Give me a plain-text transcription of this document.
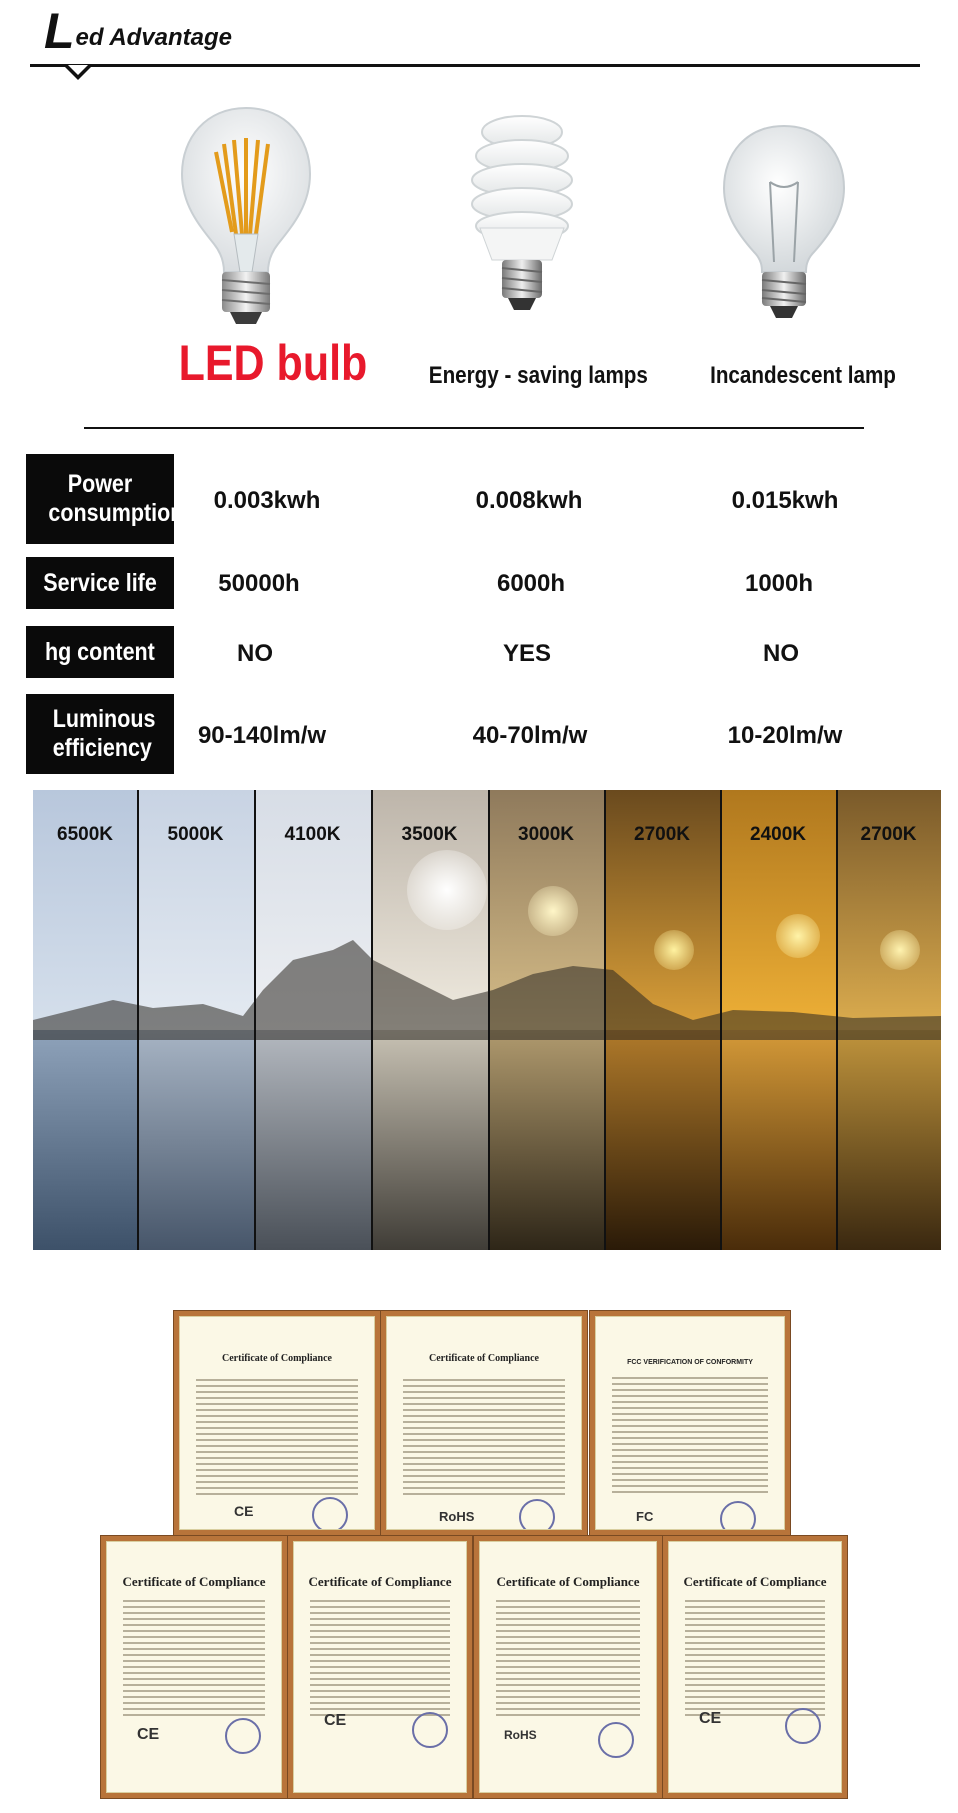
L ed Advantage
LED bulb	Energy - saving lamps	Incandescent lamp
Power consumption	0.003kwh	0.008kwh	0.015kwh
Service life	50000h	6000h	1000h
hg content	NO	YES	NO
Luminous efficiency	90-140lm/w	40-70lm/w	10-20lm/w
6500K	5000K	4100K	3500K	3000K	2700K	2400K	2700K
Certificate of Compliance
CE
Certificate of Compliance
RoHS
FCC VERIFICATION OF CONFORMITY
FC
Certificate of Compliance
CE
Certificate of Compliance
CE
Certificate of Compliance
RoHS
Certificate of Compliance
CE
